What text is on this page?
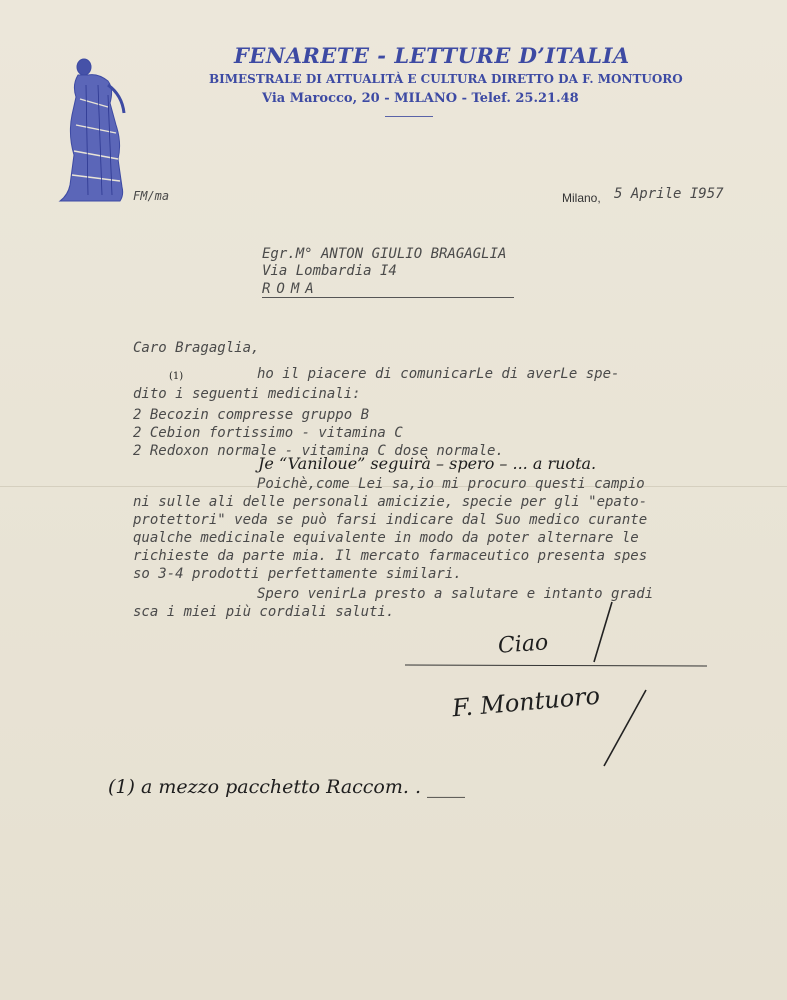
FENARETE - LETTURE D’ITALIA
BIMESTRALE DI ATTUALITÀ E CULTURA DIRETTO DA F. MONTUORO
Via Marocco, 20 - MILANO - Telef. 25.21.48
FM/ma	Milano, 5 Aprile I957
Egr.M° ANTON GIULIO BRAGAGLIA
Via Lombardia I4
ROMA
Caro Bragaglia,
ho il piacere di comunicarLe di averLe spe-
(1)
dito i seguenti medicinali:
2 Becozin compresse gruppo B
2 Cebion fortissimo - vitamina C
2 Redoxon normale - vitamina C dose normale.
Je “Vaniloue” seguirà – spero – ... a ruota.
Poichè,come Lei sa,io mi procuro questi campio
ni sulle ali delle personali amicizie, specie per gli "epato-
protettori" veda se può farsi indicare dal Suo medico curante
qualche medicinale equivalente in modo da poter alternare le
richieste da parte mia. Il mercato farmaceutico presenta spes
so 3-4 prodotti perfettamente similari.
Spero venirLa presto a salutare e intanto gradi
sca i miei più cordiali saluti.
Ciao
F. Montuoro
(1) a mezzo pacchetto Raccom. . ____
